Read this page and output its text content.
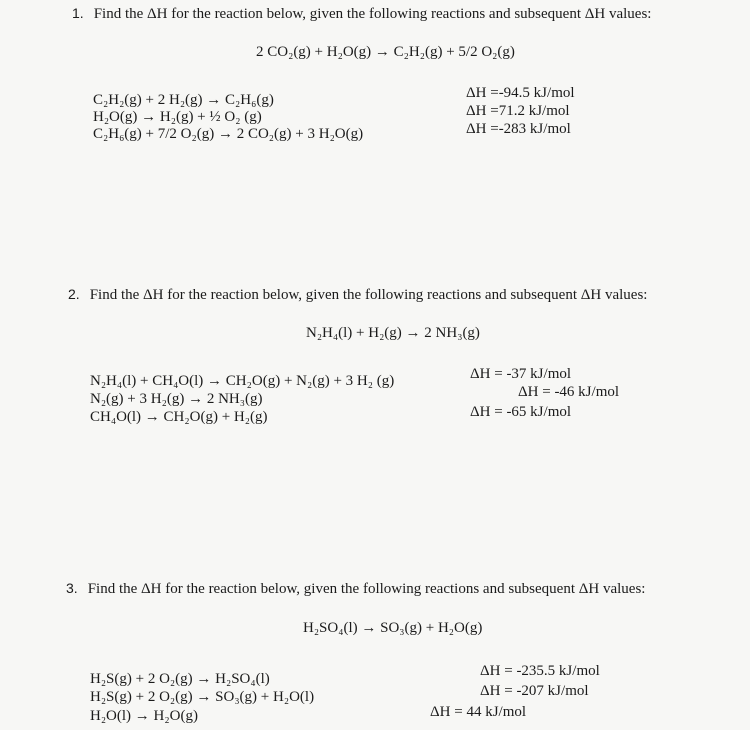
1. Find the ΔH for the reaction below, given the following reactions and subsequent ΔH values:
2 CO₂(g) + H₂O(g) → C₂H₂(g) + 5/2 O₂(g)
C₂H₂(g) + 2 H₂(g) → C₂H₆(g)
H₂O(g) → H₂(g) + ½ O₂ (g)
C₂H₆(g) + 7/2 O₂(g) → 2 CO₂(g) + 3 H₂O(g)
ΔH =-94.5 kJ/mol
ΔH =71.2 kJ/mol
ΔH =-283 kJ/mol
2. Find the ΔH for the reaction below, given the following reactions and subsequent ΔH values:
N₂H₄(l) + H₂(g) → 2 NH₃(g)
N₂H₄(l) + CH₄O(l) → CH₂O(g) + N₂(g) + 3 H₂ (g)
N₂(g) + 3 H₂(g) → 2 NH₃(g)
CH₄O(l) → CH₂O(g) + H₂(g)
ΔH = -37 kJ/mol
ΔH = -46 kJ/mol
ΔH = -65 kJ/mol
3. Find the ΔH for the reaction below, given the following reactions and subsequent ΔH values:
H₂SO₄(l) → SO₃(g) + H₂O(g)
H₂S(g) + 2 O₂(g) → H₂SO₄(l)
H₂S(g) + 2 O₂(g) → SO₃(g) + H₂O(l)
H₂O(l) → H₂O(g)
ΔH = -235.5 kJ/mol
ΔH = -207 kJ/mol
ΔH = 44 kJ/mol
